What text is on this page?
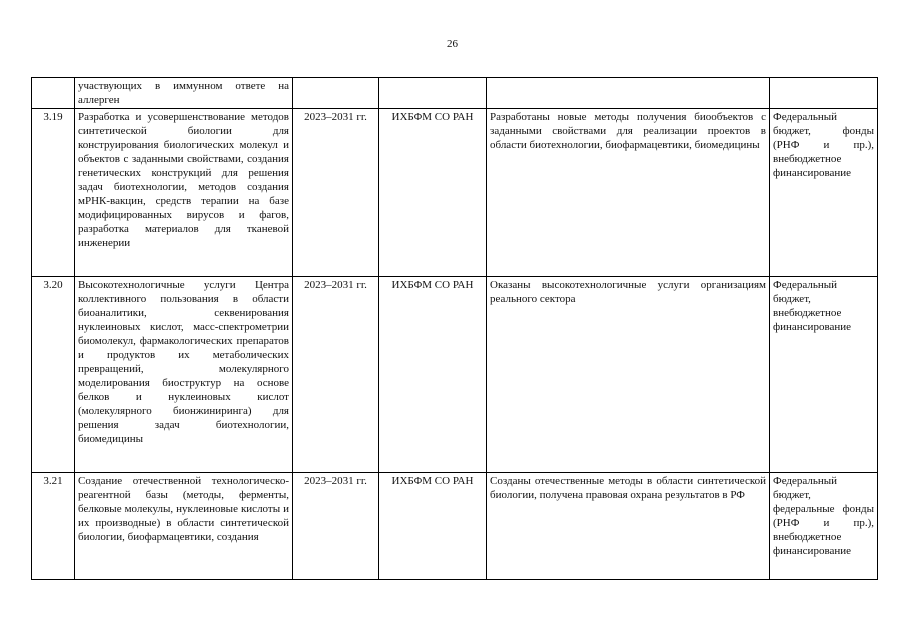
26
	участвующих в иммунном ответе на аллерген				
3.19	Разработка и усовершенствование методов синтетической биологии для конструирования биологических молекул и объектов с заданными свойствами, создания генетических конструкций для решения задач биотехнологии, методов создания мРНК-вакцин, средств терапии на базе модифицированных вирусов и фагов, разработка материалов для тканевой инженерии	2023–2031 гг.	ИХБФМ СО РАН	Разработаны новые методы получения биообъектов с заданными свойствами для реализации проектов в области биотехнологии, биофармацевтики, биомедицины	Федеральный бюджет, фонды (РНФ и пр.), внебюджетное финансирование
3.20	Высокотехнологичные услуги Центра коллективного пользования в области биоаналитики, секвенирования нуклеиновых кислот, масс-спектрометрии биомолекул, фармакологических препаратов и продуктов их метаболических превращений, молекулярного моделирования биоструктур на основе белков и нуклеиновых кислот (молекулярного бионжиниринга) для решения задач биотехнологии, биомедицины	2023–2031 гг.	ИХБФМ СО РАН	Оказаны высокотехнологичные услуги организациям реального сектора	Федеральный бюджет, внебюджетное финансирование
3.21	Создание отечественной технологическо-реагентной базы (методы, ферменты, белковые молекулы, нуклеиновые кислоты и их производные) в области синтетической биологии, биофармацевтики, создания	2023–2031 гг.	ИХБФМ СО РАН	Созданы отечественные методы в области синтетической биологии, получена правовая охрана результатов в РФ	Федеральный бюджет, федеральные фонды (РНФ и пр.), внебюджетное финансирование
